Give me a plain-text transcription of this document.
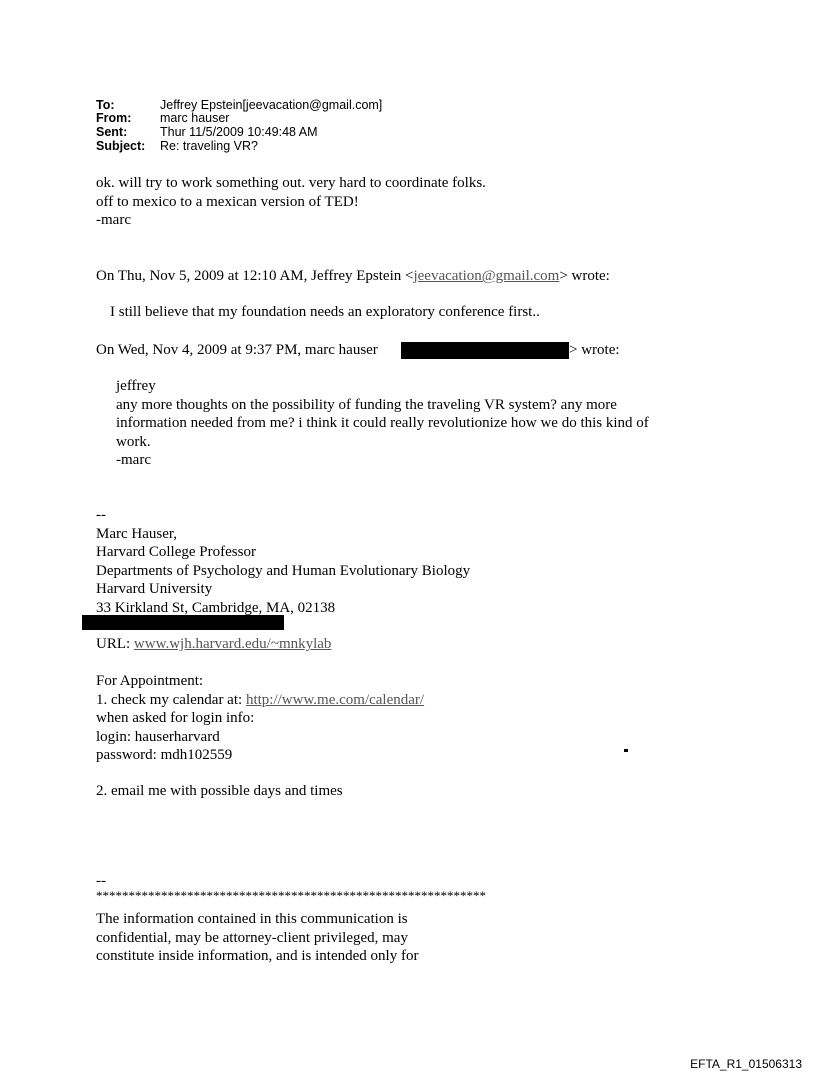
To:	Jeffrey Epstein[jeevacation@gmail.com]
From: marc hauser
Sent:	Thur 11/5/2009 10:49:48 AM
Subject: Re: traveling VR?
ok. will try to work something out. very hard to coordinate folks.
off to mexico to a mexican version of TED!
-marc
On Thu, Nov 5, 2009 at 12:10 AM, Jeffrey Epstein <jeevacation@gmail.com> wrote:
I still believe that my foundation needs an exploratory conference first..
On Wed, Nov 4, 2009 at 9:37 PM, marc hauser	> wrote:
jeffrey
any more thoughts on the possibility of funding the traveling VR system? any more
information needed from me? i think it could really revolutionize how we do this kind of
work.
-marc
--
Marc Hauser,
Harvard College Professor
Departments of Psychology and Human Evolutionary Biology
Harvard University
33 Kirkland St, Cambridge, MA, 02138
URL: www.wjh.harvard.edu/~mnkylab
For Appointment:
1. check my calendar at: http://www.me.com/calendar/
when asked for login info:
login: hauserharvard
password: mdh102559
2. email me with possible days and times
--
************************************************************
The information contained in this communication is
confidential, may be attorney-client privileged, may
constitute inside information, and is intended only for
EFTA_R1_01506313
